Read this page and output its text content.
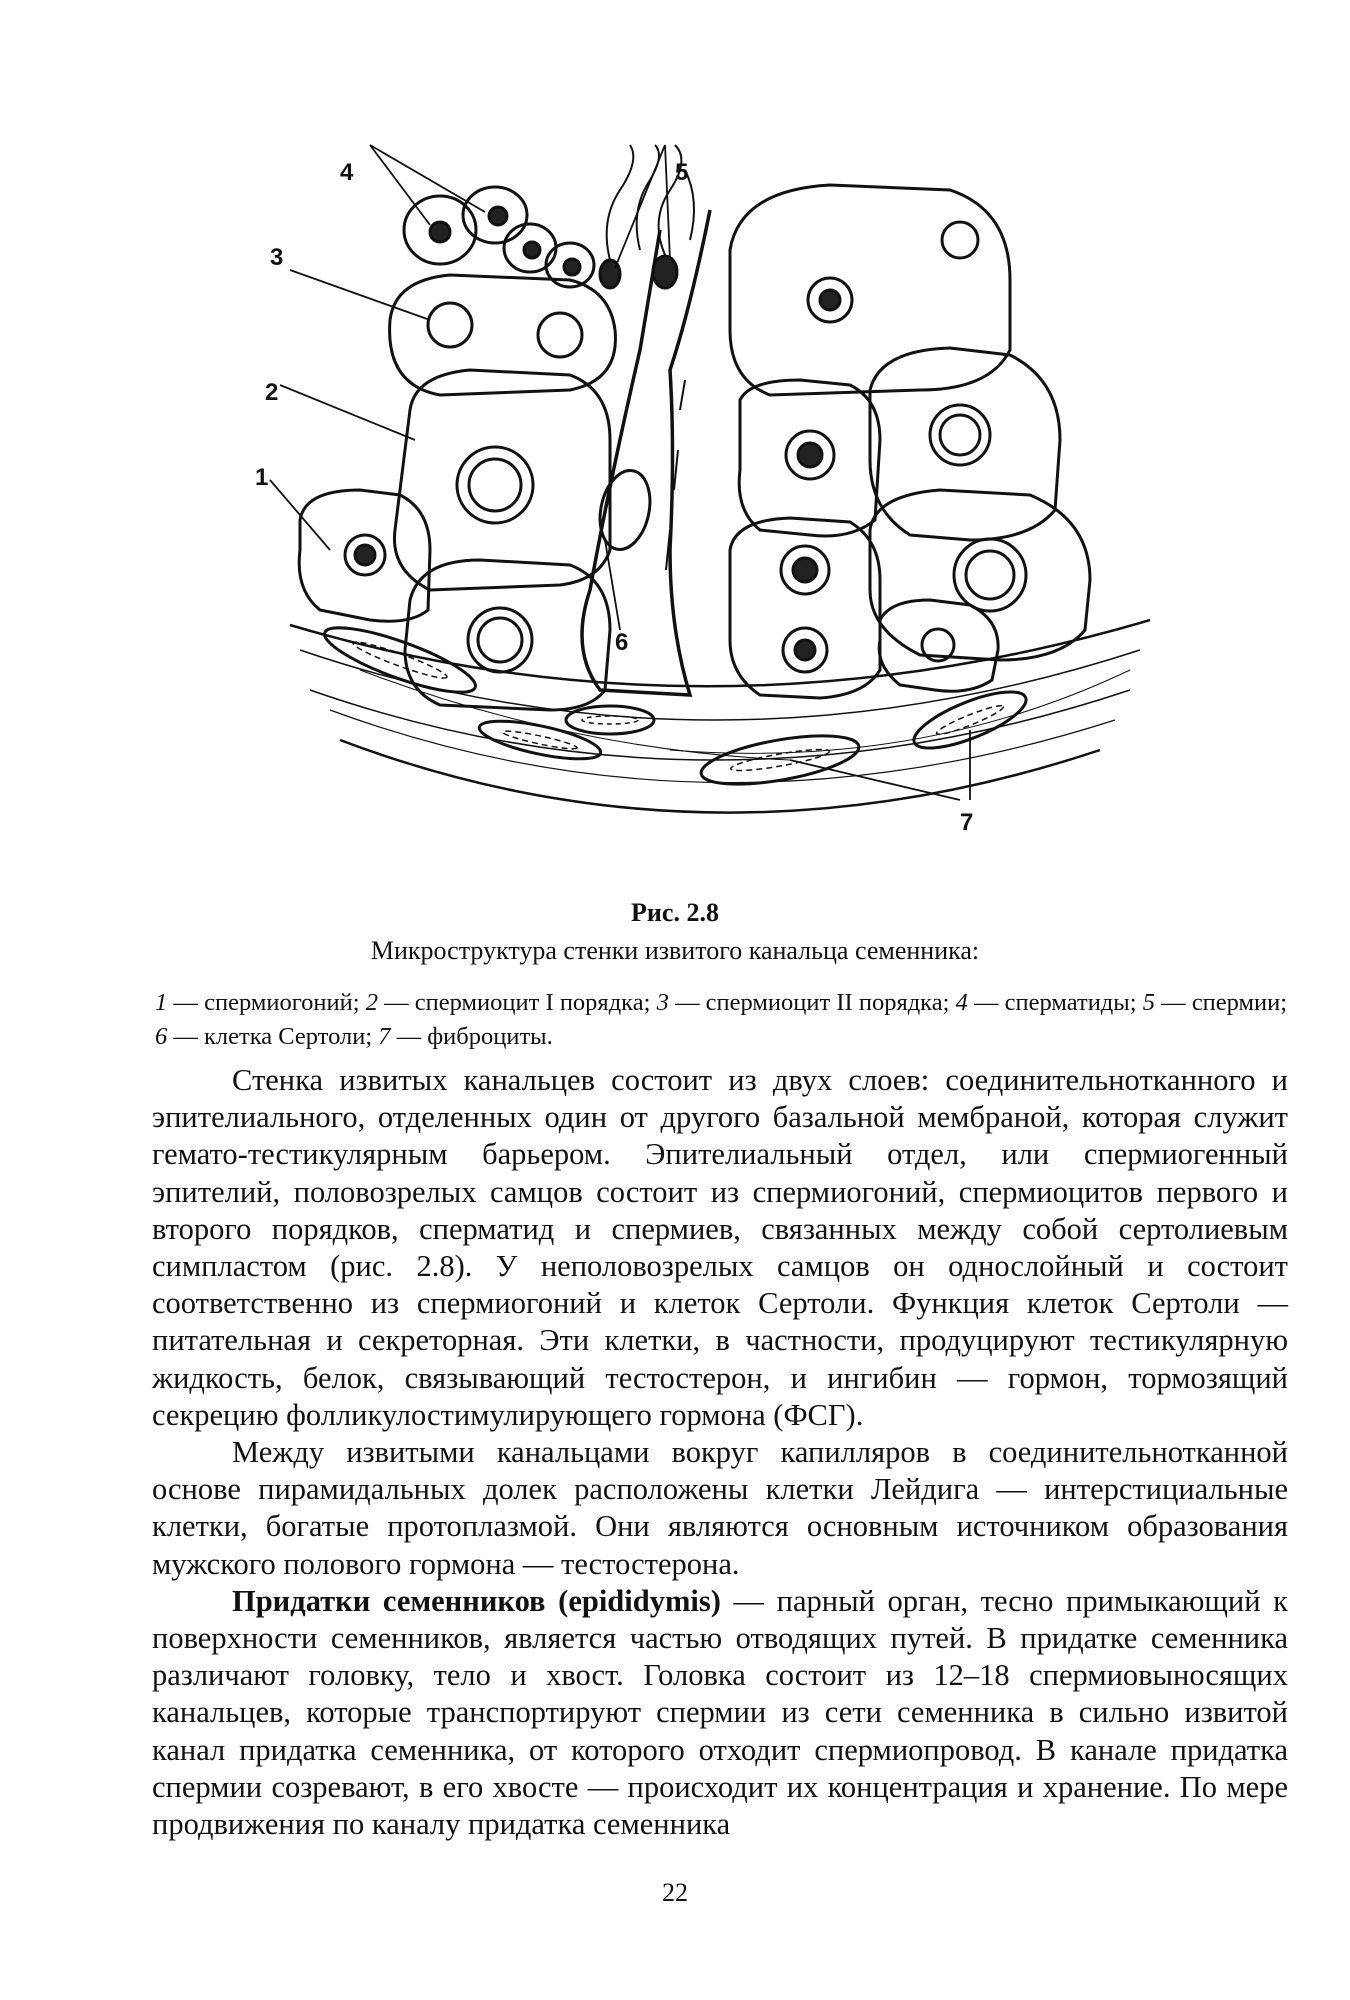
4	5
3
2
1
6
7
Рис. 2.8
Микроструктура стенки извитого канальца семенника:
1 — спермиогоний; 2 — спермиоцит I порядка; 3 — спермиоцит II порядка; 4 — сперматиды; 5 — спермии; 6 — клетка Сертоли; 7 — фиброциты.

Стенка извитых канальцев состоит из двух слоев: соединительнотканного и эпителиального, отделенных один от другого базальной мембраной, которая служит гемато-тестикулярным барьером. Эпителиальный отдел, или спермиогенный эпителий, половозрелых самцов состоит из спермиогоний, спермиоцитов первого и второго порядков, сперматид и спермиев, связанных между собой сертолиевым симпластом (рис. 2.8). У неполовозрелых самцов он однослойный и состоит соответственно из спермиогоний и клеток Сертоли. Функция клеток Сертоли — питательная и секреторная. Эти клетки, в частности, продуцируют тестикулярную жидкость, белок, связывающий тестостерон, и ингибин — гормон, тормозящий секрецию фолликулостимулирующего гормона (ФСГ).

Между извитыми канальцами вокруг капилляров в соединительнотканной основе пирамидальных долек расположены клетки Лейдига — интерстициальные клетки, богатые протоплазмой. Они являются основным источником образования мужского полового гормона — тестостерона.

Придатки семенников (epididymis) — парный орган, тесно примыкающий к поверхности семенников, является частью отводящих путей. В придатке семенника различают головку, тело и хвост. Головка состоит из 12–18 спермиовыносящих канальцев, которые транспортируют спермии из сети семенника в сильно извитой канал придатка семенника, от которого отходит спермиопровод. В канале придатка спермии созревают, в его хвосте — происходит их концентрация и хранение. По мере продвижения по каналу придатка семенника

22
